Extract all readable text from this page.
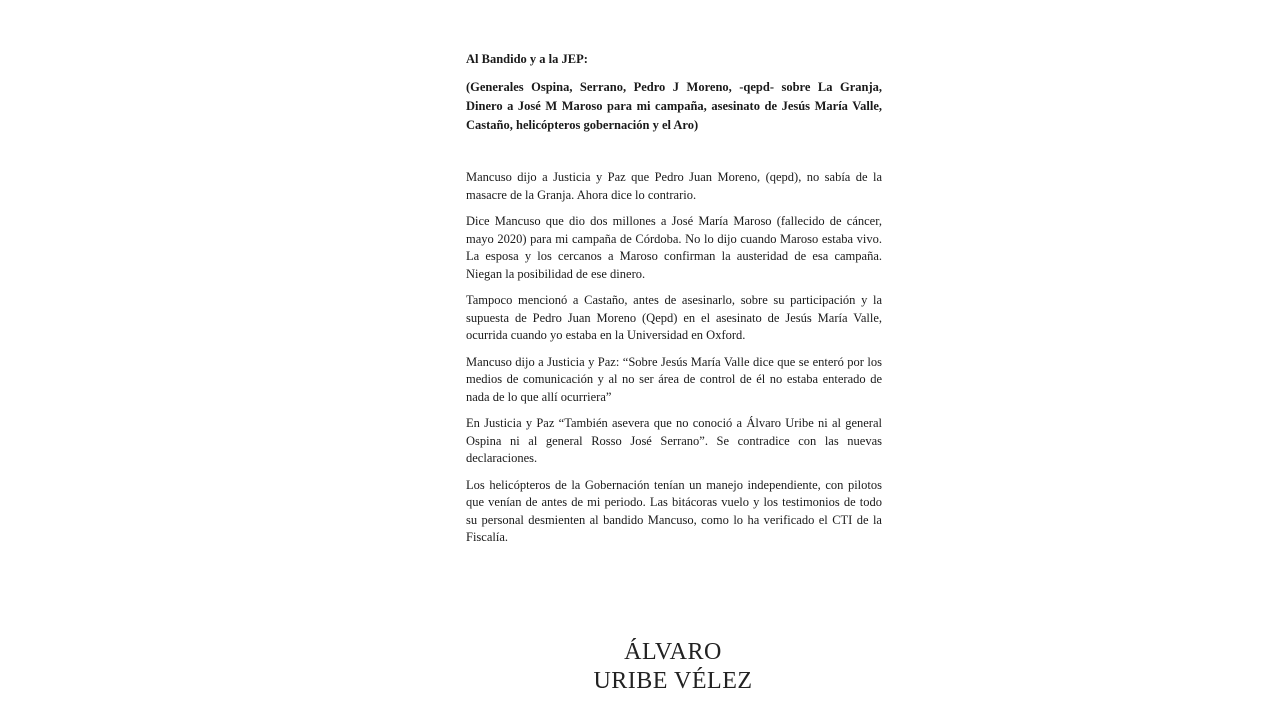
Al Bandido y a la JEP:

(Generales Ospina, Serrano, Pedro J Moreno, -qepd- sobre La Granja, Dinero a José M Maroso para mi campaña, asesinato de Jesús María Valle, Castaño, helicópteros gobernación y el Aro)

Mancuso dijo a Justicia y Paz que Pedro Juan Moreno, (qepd), no sabía de la masacre de la Granja. Ahora dice lo contrario.

Dice Mancuso que dio dos millones a José María Maroso (fallecido de cáncer, mayo 2020) para mi campaña de Córdoba. No lo dijo cuando Maroso estaba vivo. La esposa y los cercanos a Maroso confirman la austeridad de esa campaña. Niegan la posibilidad de ese dinero.

Tampoco mencionó a Castaño, antes de asesinarlo, sobre su participación y la supuesta de Pedro Juan Moreno (Qepd) en el asesinato de Jesús María Valle, ocurrida cuando yo estaba en la Universidad en Oxford.

Mancuso dijo a Justicia y Paz: “Sobre Jesús María Valle dice que se enteró por los medios de comunicación y al no ser área de control de él no estaba enterado de nada de lo que allí ocurriera”

En Justicia y Paz “También asevera que no conoció a Álvaro Uribe ni al general Ospina ni al general Rosso José Serrano”. Se contradice con las nuevas declaraciones.

Los helicópteros de la Gobernación tenían un manejo independiente, con pilotos que venían de antes de mi periodo. Las bitácoras vuelo y los testimonios de todo su personal desmienten al bandido Mancuso, como lo ha verificado el CTI de la Fiscalía.

ÁLVARO
URIBE VÉLEZ
